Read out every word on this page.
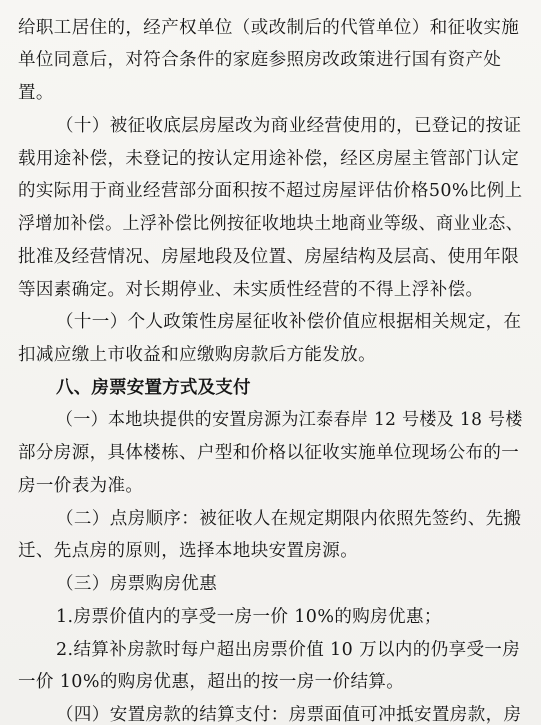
给职工居住的，经产权单位（或改制后的代管单位）和征收实施
单位同意后，对符合条件的家庭参照房改政策进行国有资产处
置。
（十）被征收底层房屋改为商业经营使用的，已登记的按证
载用途补偿，未登记的按认定用途补偿，经区房屋主管部门认定
的实际用于商业经营部分面积按不超过房屋评估价格50%比例上
浮增加补偿。上浮补偿比例按征收地块土地商业等级、商业业态、
批准及经营情况、房屋地段及位置、房屋结构及层高、使用年限
等因素确定。对长期停业、未实质性经营的不得上浮补偿。
（十一）个人政策性房屋征收补偿价值应根据相关规定，在
扣减应缴上市收益和应缴购房款后方能发放。
八、房票安置方式及支付
（一）本地块提供的安置房源为江泰春岸 12 号楼及 18 号楼
部分房源，具体楼栋、户型和价格以征收实施单位现场公布的一
房一价表为准。
（二）点房顺序：被征收人在规定期限内依照先签约、先搬
迁、先点房的原则，选择本地块安置房源。
（三）房票购房优惠
1.房票价值内的享受一房一价 10%的购房优惠；
2.结算补房款时每户超出房票价值 10 万以内的仍享受一房
一价 10%的购房优惠，超出的按一房一价结算。
（四）安置房款的结算支付：房票面值可冲抵安置房款，房
